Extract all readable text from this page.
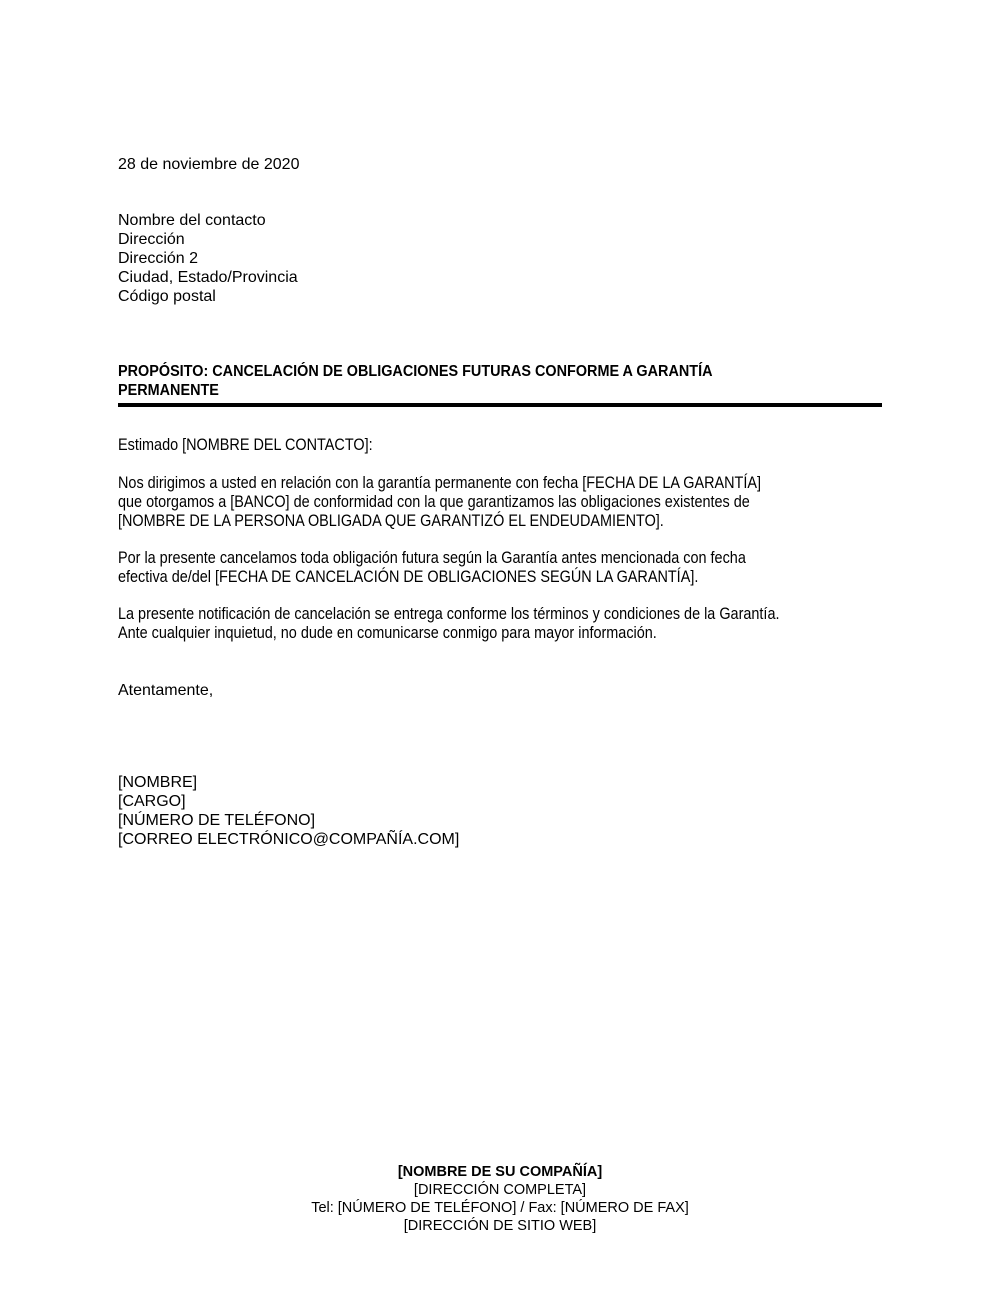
28 de noviembre de 2020
Nombre del contacto
Dirección
Dirección 2
Ciudad, Estado/Provincia
Código postal
PROPÓSITO: CANCELACIÓN DE OBLIGACIONES FUTURAS CONFORME A GARANTÍA
PERMANENTE
Estimado [NOMBRE DEL CONTACTO]:
Nos dirigimos a usted en relación con la garantía permanente con fecha [FECHA DE LA GARANTÍA]
que otorgamos a [BANCO] de conformidad con la que garantizamos las obligaciones existentes de
[NOMBRE DE LA PERSONA OBLIGADA QUE GARANTIZÓ EL ENDEUDAMIENTO].
Por la presente cancelamos toda obligación futura según la Garantía antes mencionada con fecha
efectiva de/del [FECHA DE CANCELACIÓN DE OBLIGACIONES SEGÚN LA GARANTÍA].
La presente notificación de cancelación se entrega conforme los términos y condiciones de la Garantía.
Ante cualquier inquietud, no dude en comunicarse conmigo para mayor información.
Atentamente,
[NOMBRE]
[CARGO]
[NÚMERO DE TELÉFONO]
[CORREO ELECTRÓNICO@COMPAÑÍA.COM]
[NOMBRE DE SU COMPAÑÍA]
[DIRECCIÓN COMPLETA]
Tel: [NÚMERO DE TELÉFONO] / Fax: [NÚMERO DE FAX]
[DIRECCIÓN DE SITIO WEB]
